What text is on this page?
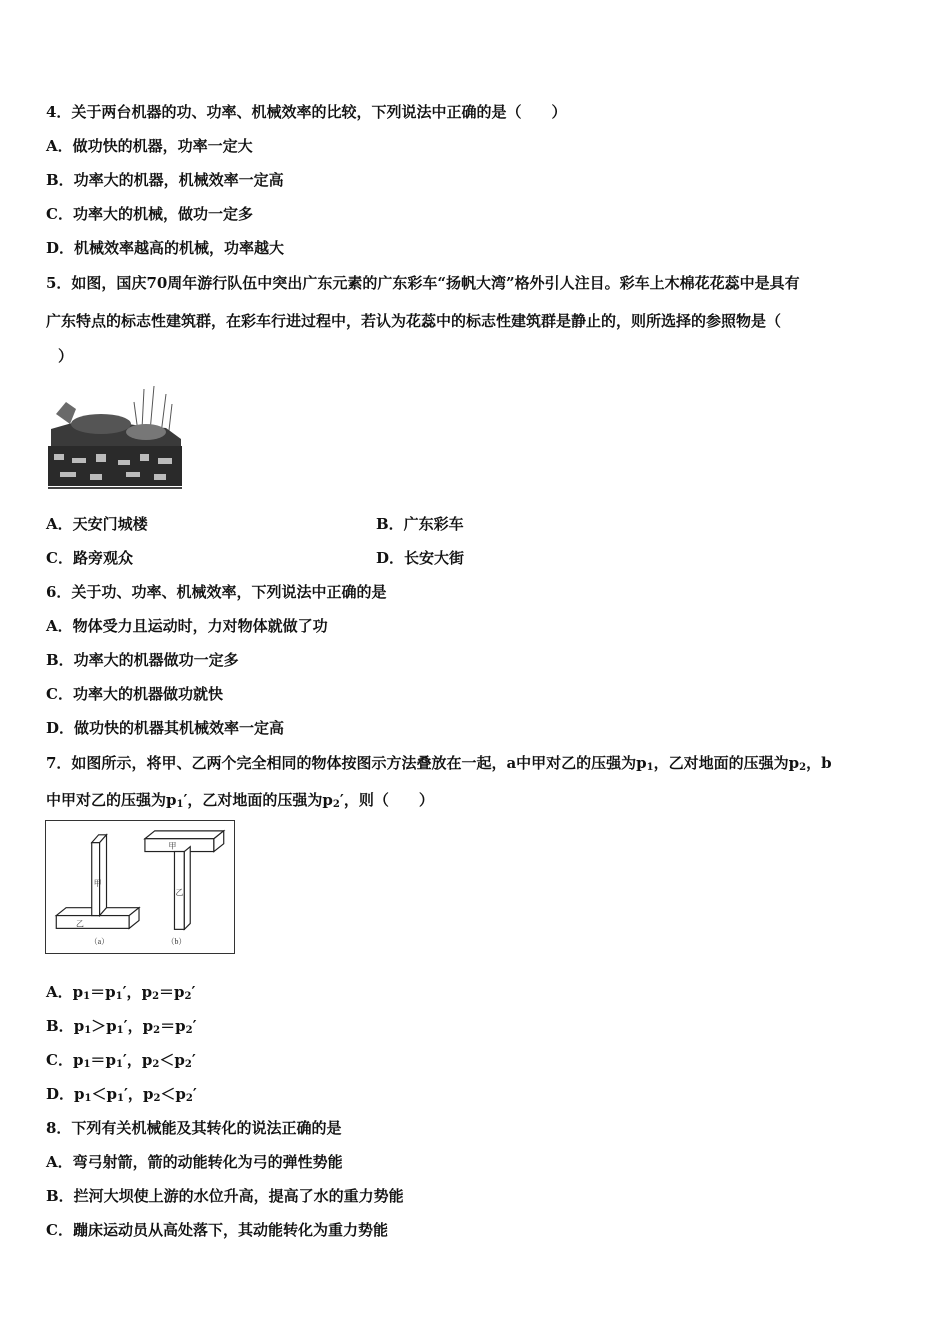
4．关于两台机器的功、功率、机械效率的比较，下列说法中正确的是（　　）
A．做功快的机器，功率一定大
B．功率大的机器，机械效率一定高
C．功率大的机械，做功一定多
D．机械效率越高的机械，功率越大
5．如图，国庆70周年游行队伍中突出广东元素的广东彩车“扬帆大湾”格外引人注目。彩车上木棉花花蕊中是具有
广东特点的标志性建筑群，在彩车行进过程中，若认为花蕊中的标志性建筑群是静止的，则所选择的参照物是（
）
A．天安门城楼	B．广东彩车
C．路旁观众	D．长安大街
6．关于功、功率、机械效率，下列说法中正确的是
A．物体受力且运动时，力对物体就做了功
B．功率大的机器做功一定多
C．功率大的机器做功就快
D．做功快的机器其机械效率一定高
7．如图所示，将甲、乙两个完全相同的物体按图示方法叠放在一起，a中甲对乙的压强为$p_1$，乙对地面的压强为$p_2$，b
中甲对乙的压强为$p_1'$，乙对地面的压强为$p_2'$，则（　　）
甲
乙
（a）
甲
乙
（b）
A．$p_1=p_1'$，$p_2=p_2'$
B．$p_1>p_1'$，$p_2=p_2'$
C．$p_1=p_1'$，$p_2<p_2'$
D．$p_1<p_1'$，$p_2<p_2'$
8．下列有关机械能及其转化的说法正确的是
A．弯弓射箭，箭的动能转化为弓的弹性势能
B．拦河大坝使上游的水位升高，提高了水的重力势能
C．蹦床运动员从高处落下，其动能转化为重力势能
